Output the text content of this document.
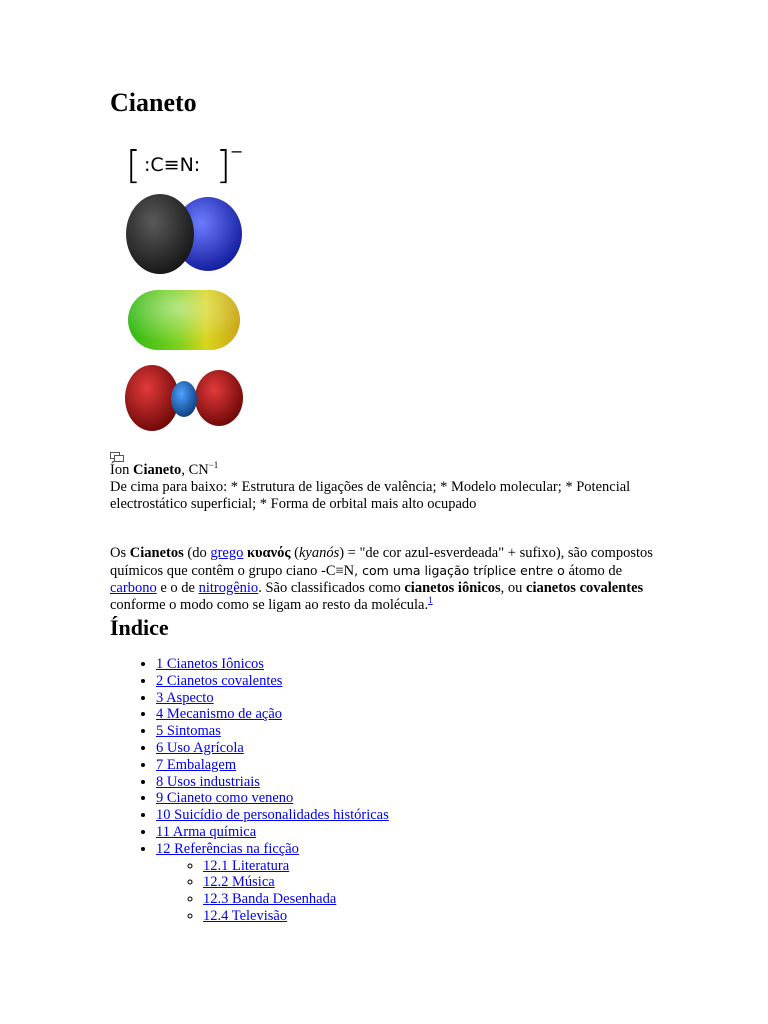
Cianeto
[ :C≡N: ] −
Íon Cianeto, $CN^{-1}$
De cima para baixo: * Estrutura de ligações de valência; * Modelo molecular; * Potencial electrostático superficial; * Forma de orbital mais alto ocupado

Os Cianetos (do grego κυανός (kyanós) = "de cor azul-esverdeada" + sufixo), são compostos químicos que contêm o grupo ciano -C≡N, com uma ligação tríplice entre o átomo de carbono e o de nitrogênio. São classificados como cianetos iônicos, ou cianetos covalentes conforme o modo como se ligam ao resto da molécula.$^1$

Índice
• 1 Cianetos Iônicos
• 2 Cianetos covalentes
• 3 Aspecto
• 4 Mecanismo de ação
• 5 Sintomas
• 6 Uso Agrícola
• 7 Embalagem
• 8 Usos industriais
• 9 Cianeto como veneno
• 10 Suicídio de personalidades históricas
• 11 Arma química
• 12 Referências na ficção
◦ 12.1 Literatura
◦ 12.2 Música
◦ 12.3 Banda Desenhada
◦ 12.4 Televisão
